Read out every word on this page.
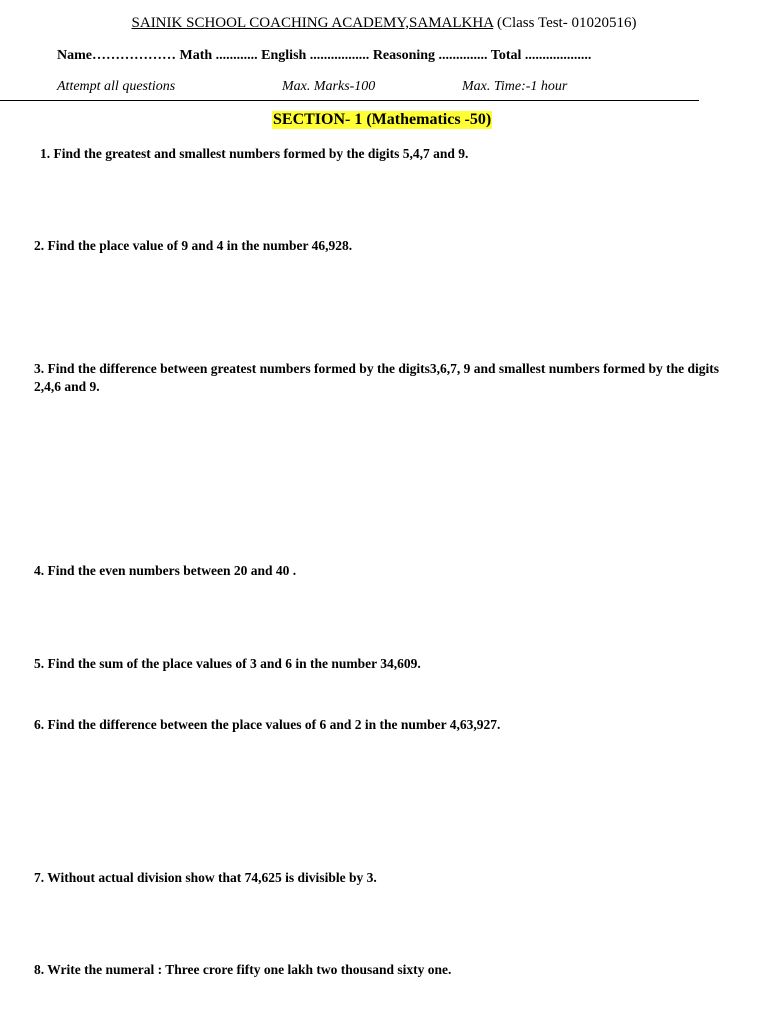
SAINIK SCHOOL COACHING ACADEMY,SAMALKHA (Class Test- 01020516)
Name……………… Math ............ English ................. Reasoning .............. Total ...................
Attempt all questions	Max. Marks-100	Max. Time:-1 hour
SECTION- 1 (Mathematics -50)
1. Find the greatest and smallest numbers formed by the digits 5,4,7 and 9.
2. Find the place value of 9 and 4 in the number 46,928.
3. Find the difference between greatest numbers formed by the digits3,6,7, 9 and smallest numbers formed by the digits 2,4,6 and 9.
4. Find the even numbers between 20 and 40 .
5. Find the sum of the place values of 3 and 6 in the number 34,609.
6. Find the difference between the place values of 6 and 2 in the number 4,63,927.
7. Without actual division show that 74,625 is divisible by 3.
8. Write the numeral : Three crore fifty one lakh two thousand sixty one.
